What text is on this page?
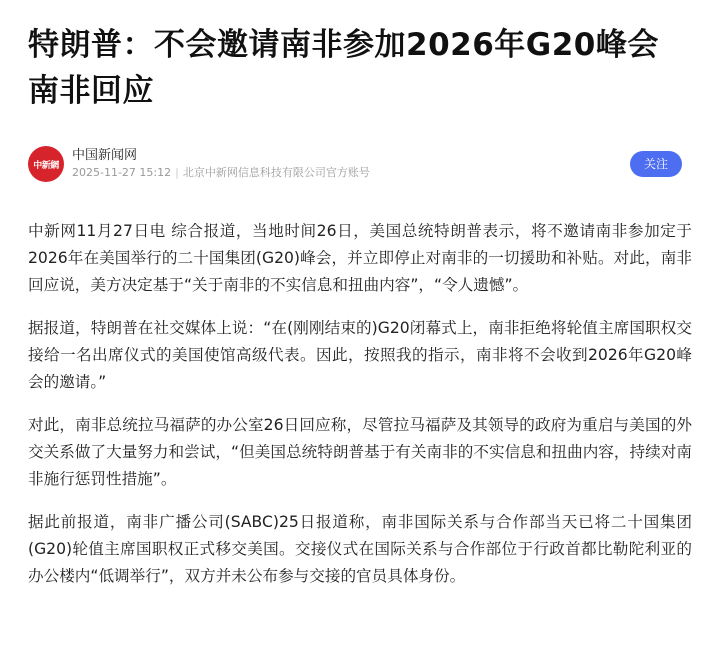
特朗普：不会邀请南非参加2026年G20峰会 南非回应
中新網
中国新闻网
2025-11-27 15:12 | 北京中新网信息科技有限公司官方账号
关注

中新网11月27日电 综合报道，当地时间26日，美国总统特朗普表示，将不邀请南非参加定于2026年在美国举行的二十国集团(G20)峰会，并立即停止对南非的一切援助和补贴。对此，南非回应说，美方决定基于“关于南非的不实信息和扭曲内容”，“令人遗憾”。

据报道，特朗普在社交媒体上说：“在(刚刚结束的)G20闭幕式上，南非拒绝将轮值主席国职权交接给一名出席仪式的美国使馆高级代表。因此，按照我的指示，南非将不会收到2026年G20峰会的邀请。”

对此，南非总统拉马福萨的办公室26日回应称，尽管拉马福萨及其领导的政府为重启与美国的外交关系做了大量努力和尝试，“但美国总统特朗普基于有关南非的不实信息和扭曲内容，持续对南非施行惩罚性措施”。

据此前报道，南非广播公司(SABC)25日报道称，南非国际关系与合作部当天已将二十国集团(G20)轮值主席国职权正式移交美国。交接仪式在国际关系与合作部位于行政首都比勒陀利亚的办公楼内“低调举行”，双方并未公布参与交接的官员具体身份。
